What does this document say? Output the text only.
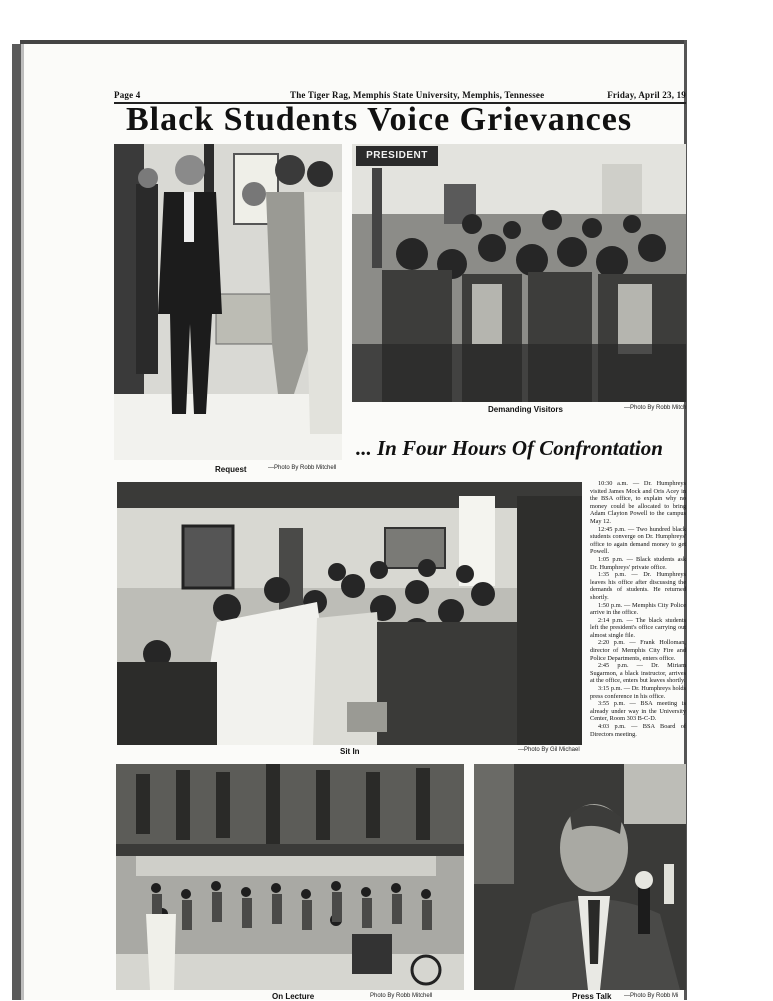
Page 4	The Tiger Rag, Memphis State University, Memphis, Tennessee	Friday, April 23, 19
Black Students Voice Grievances
Request	—Photo By Robb Mitchell
PRESIDENT
Demanding Visitors	—Photo By Robb Mitch
... In Four Hours Of Confrontation
Sit In	—Photo By Gil Michael

10:30 a.m. — Dr. Humphreys visited James Mock and Oris Acey in the BSA office, to explain why no money could be allocated to bring Adam Clayton Powell to the campus May 12.

12:45 p.m. — Two hundred black students converge on Dr. Humphreys' office to again demand money to get Powell.

1:05 p.m. — Black students ask Dr. Humphreys' private office.

1:35 p.m. — Dr. Humphreys leaves his office after discussing the demands of students. He returned shortly.

1:50 p.m. — Memphis City Police arrive in the office.

2:14 p.m. — The black students left the president's office carrying out almost single file.

2:20 p.m. — Frank Holloman, director of Memphis City Fire and Police Departments, enters office.

2:45 p.m. — Dr. Miriam Sugarmon, a black instructor, arrives at the office, enters but leaves shortly.

3:15 p.m. — Dr. Humphreys holds press conference in his office.

3:55 p.m. — BSA meeting is already under way in the University Center, Room 303 B-C-D.

4:03 p.m. — BSA Board of Directors meeting.

On Lecture	Photo By Robb Mitchell	Press Talk —Photo By Robb Mi
